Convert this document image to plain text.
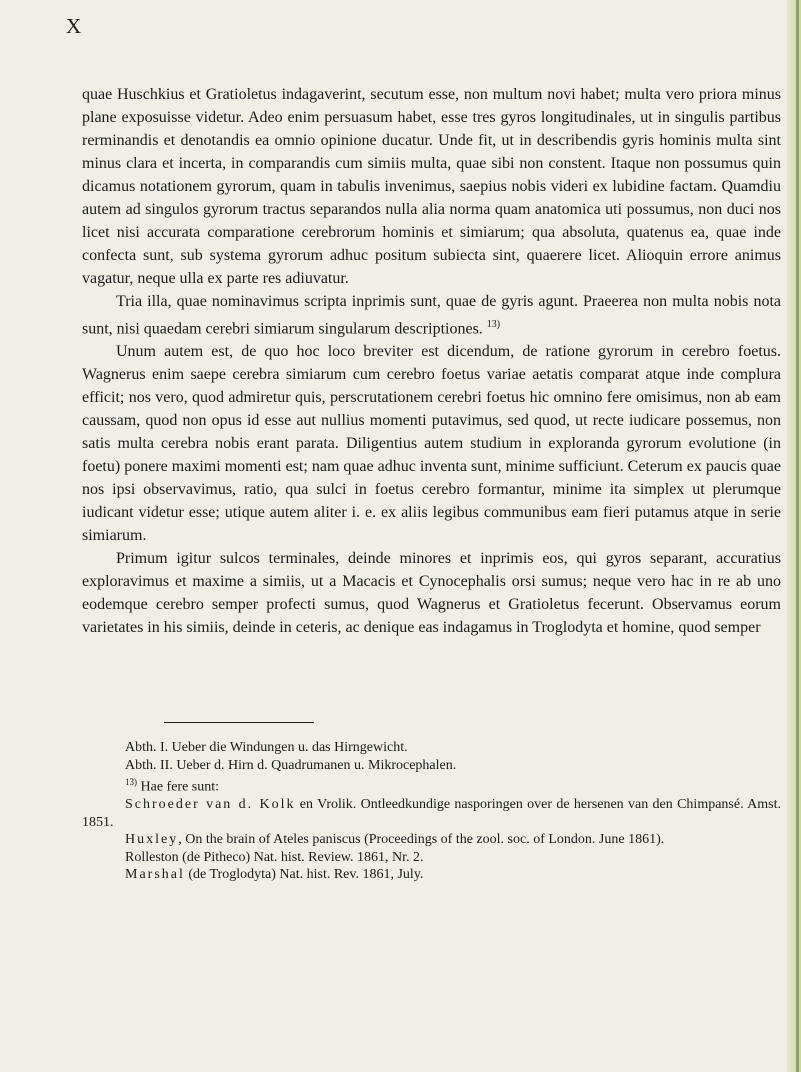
X

quae Huschkius et Gratioletus indagaverint, secutum esse, non multum novi habet; multa vero priora minus plane exposuisse videtur. Adeo enim persuasum habet, esse tres gyros longitudinales, ut in singulis partibus rerminandis et denotandis ea omnio opinione ducatur. Unde fit, ut in describendis gyris hominis multa sint minus clara et incerta, in comparandis cum simiis multa, quae sibi non constent. Itaque non possumus quin dicamus notationem gyrorum, quam in tabulis invenimus, saepius nobis videri ex lubidine factam. Quamdiu autem ad singulos gyrorum tractus separandos nulla alia norma quam anatomica uti possumus, non duci nos licet nisi accurata comparatione cerebrorum hominis et simiarum; qua absoluta, quatenus ea, quae inde confecta sunt, sub systema gyrorum adhuc positum subiecta sint, quaerere licet. Alioquin errore animus vagatur, neque ulla ex parte res adiuvatur.

Tria illa, quae nominavimus scripta inprimis sunt, quae de gyris agunt. Praeerea non multa nobis nota sunt, nisi quaedam cerebri simiarum singularum descriptiones. $^{13)}$

Unum autem est, de quo hoc loco breviter est dicendum, de ratione gyrorum in cerebro foetus. Wagnerus enim saepe cerebra simiarum cum cerebro foetus variae aetatis comparat atque inde complura efficit; nos vero, quod admiretur quis, perscrutationem cerebri foetus hic omnino fere omisimus, non ab eam caussam, quod non opus id esse aut nullius momenti putavimus, sed quod, ut recte iudicare possemus, non satis multa cerebra nobis erant parata. Diligentius autem studium in exploranda gyrorum evolutione (in foetu) ponere maximi momenti est; nam quae adhuc inventa sunt, minime sufficiunt. Ceterum ex paucis quae nos ipsi observavimus, ratio, qua sulci in foetus cerebro formantur, minime ita simplex ut plerumque iudicant videtur esse; utique autem aliter i. e. ex aliis legibus communibus eam fieri putamus atque in serie simiarum.

Primum igitur sulcos terminales, deinde minores et inprimis eos, qui gyros separant, accuratius exploravimus et maxime a simiis, ut a Macacis et Cynocephalis orsi sumus; neque vero hac in re ab uno eodemque cerebro semper profecti sumus, quod Wagnerus et Gratioletus fecerunt. Observamus eorum varietates in his simiis, deinde in ceteris, ac denique eas indagamus in Troglodyta et homine, quod semper

Abth. I. Ueber die Windungen u. das Hirngewicht.

Abth. II. Ueber d. Hirn d. Quadrumanen u. Mikrocephalen.

$^{13)}$ Hae fere sunt:

Schroeder van d. Kolk en Vrolik. Ontleedkundige nasporingen over de hersenen van den Chimpansé. Amst. 1851.

Huxley, On the brain of Ateles paniscus (Proceedings of the zool. soc. of London. June 1861).

Rolleston (de Pitheco) Nat. hist. Review. 1861, Nr. 2.

Marshal (de Troglodyta) Nat. hist. Rev. 1861, July.
